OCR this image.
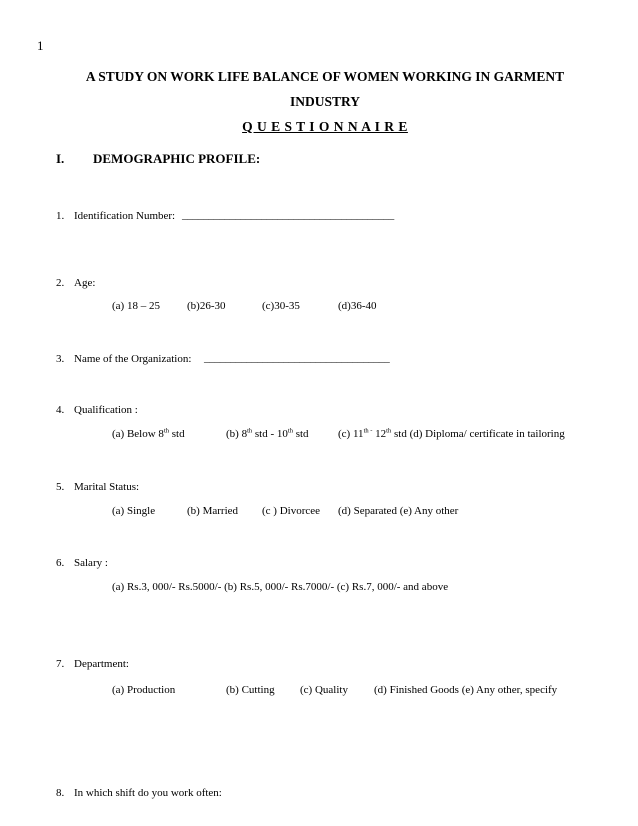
1
A STUDY ON WORK LIFE BALANCE OF WOMEN WORKING IN GARMENT
INDUSTRY
Q U E S T I O N N A I R E
I. DEMOGRAPHIC PROFILE:
1. Identification Number: ________________________________________
2. Age:
(a) 18 – 25 (b)26-30	(c)30-35	(d)36-40
3. Name of the Organization: ___________________________________
4. Qualification :
(a) Below 8th std	(b) 8th std - 10th std	(c) $11^{th -}$ 12th std (d) Diploma/ certificate in tailoring
5. Marital Status:
(a) Single	(b) Married (c ) Divorcee (d) Separated (e) Any other
6. Salary :
(a) Rs.3, 000/- Rs.5000/- (b) Rs.5, 000/- Rs.7000/- (c) Rs.7, 000/- and above
7. Department:
(a) Production	(b) Cutting (c) Quality (d) Finished Goods (e) Any other, specify
8. In which shift do you work often:
